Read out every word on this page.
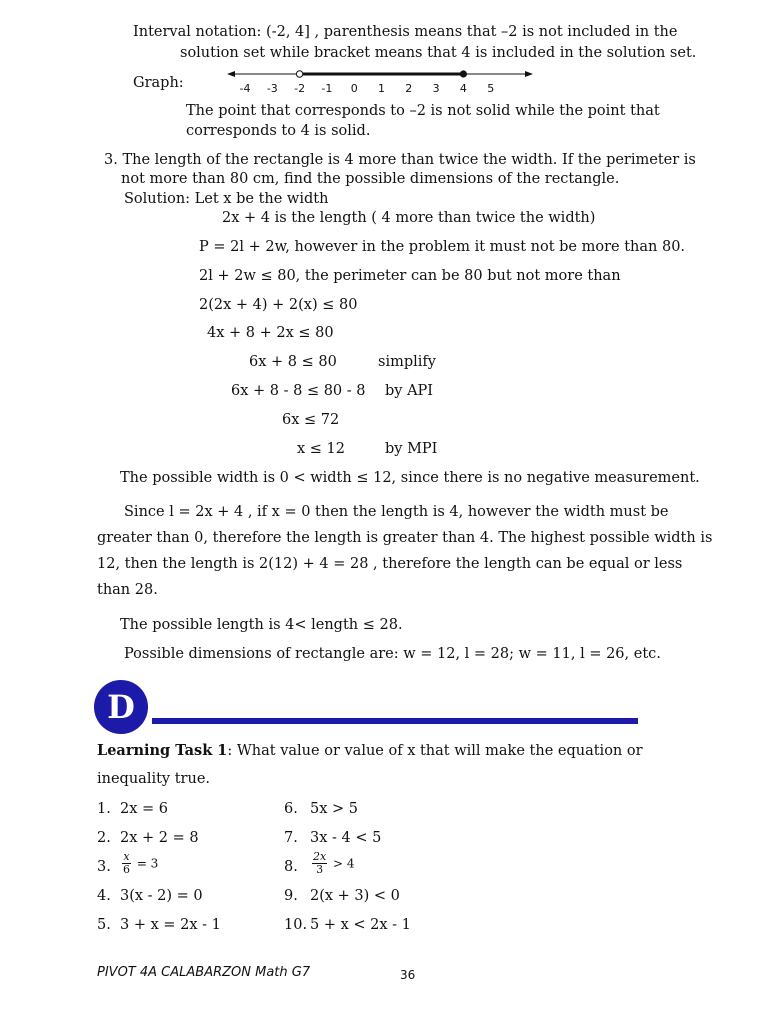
Interval notation: (-2, 4] , parenthesis means that –2 is not included in the
solution set while bracket means that 4 is included in the solution set.
Graph:	-4 -3 -2 -1 0 1 2 3 4 5
The point that corresponds to –2 is not solid while the point that
corresponds to 4 is solid.
3. The length of the rectangle is 4 more than twice the width. If the perimeter is
not more than 80 cm, find the possible dimensions of the rectangle.
Solution: Let x be the width
2x + 4 is the length ( 4 more than twice the width)
P = 2l + 2w, however in the problem it must not be more than 80.
2l + 2w ≤ 80, the perimeter can be 80 but not more than
2(2x + 4) + 2(x) ≤ 80
4x + 8 + 2x ≤ 80
6x + 8 ≤ 80	simplify
6x + 8 - 8 ≤ 80 - 8 by API
6x ≤ 72
x ≤ 12	by MPI
The possible width is 0 < width ≤ 12, since there is no negative measurement.
Since l = 2x + 4 , if x = 0 then the length is 4, however the width must be
greater than 0, therefore the length is greater than 4. The highest possible width is
12, then the length is 2(12) + 4 = 28 , therefore the length can be equal or less
than 28.
The possible length is 4< length ≤ 28.
Possible dimensions of rectangle are: w = 12, l = 28; w = 11, l = 26, etc.
D
Learning Task 1: What value or value of x that will make the equation or
inequality true.
1. 2x = 6
2. 2x + 2 = 8
3. $\frac{x}{6} = 3$
4. 3(x - 2) = 0
5. 3 + x = 2x - 1
6. 5x > 5
7. 3x - 4 < 5
8. $\frac{2x}{3} > 4$
9. 2(x + 3) < 0
10. 5 + x < 2x - 1
PIVOT 4A CALABARZON Math G7	36
